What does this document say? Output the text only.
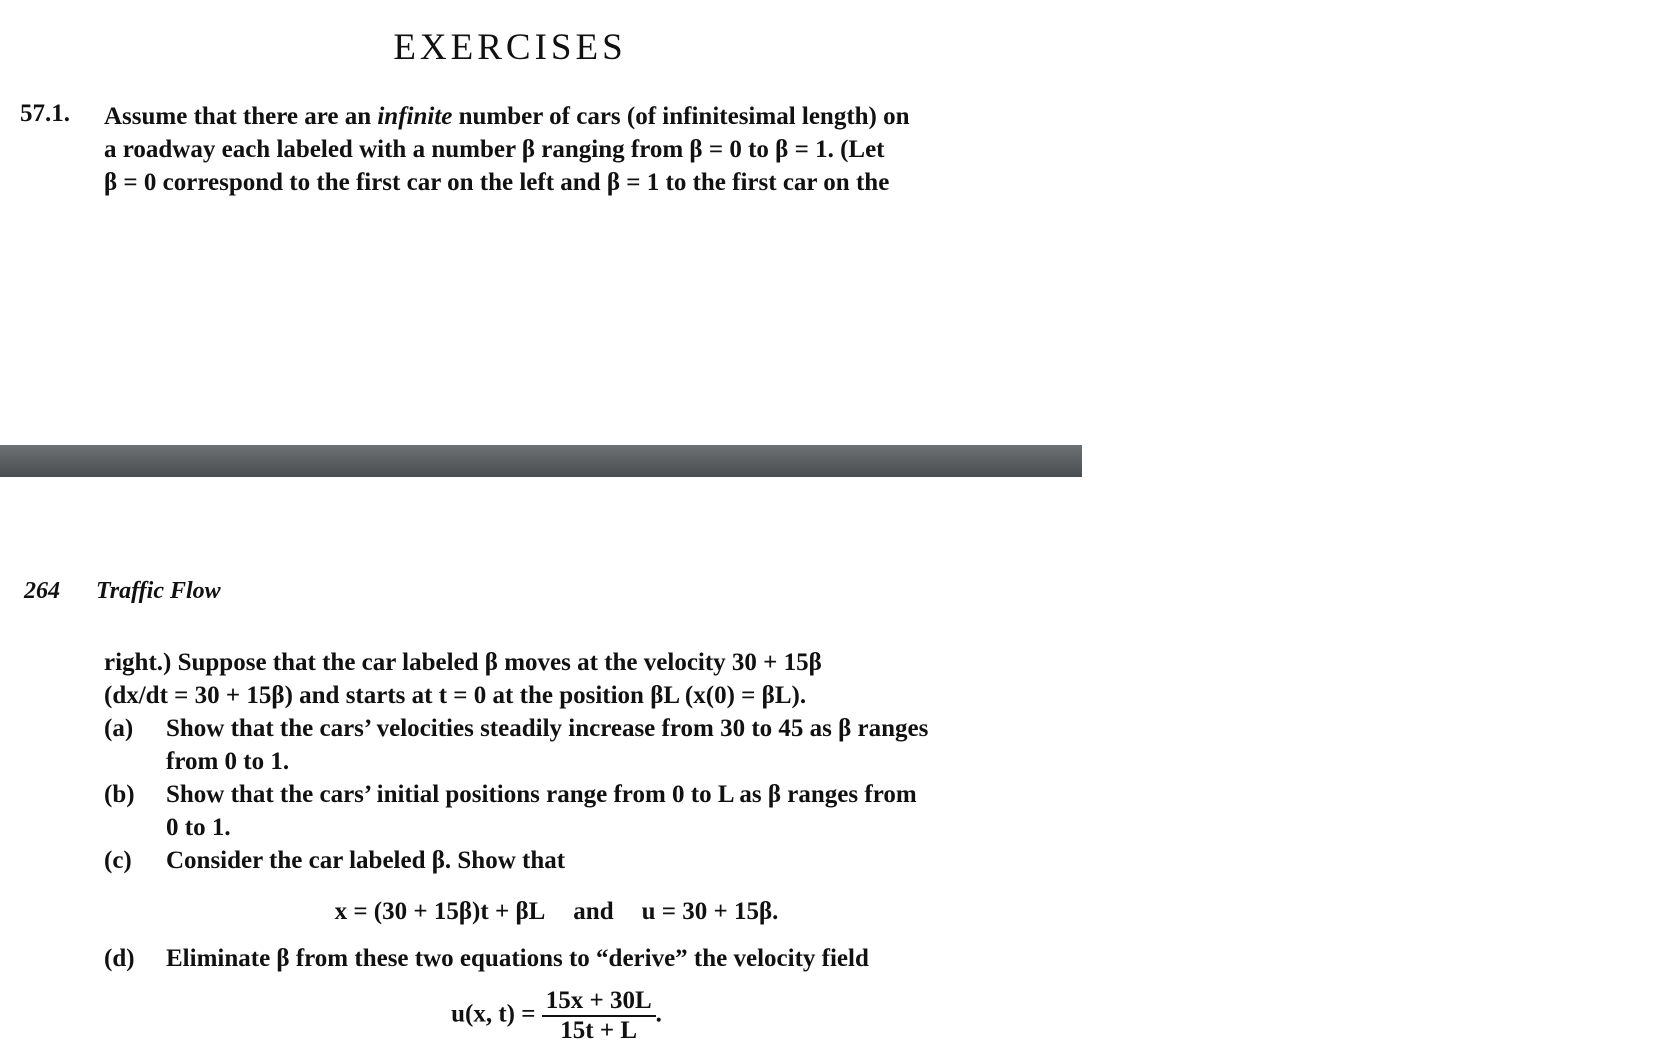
EXERCISES
57.1. Assume that there are an infinite number of cars (of infinitesimal length) on
a roadway each labeled with a number β ranging from β = 0 to β = 1. (Let
β = 0 correspond to the first car on the left and β = 1 to the first car on the
264 Traffic Flow
right.) Suppose that the car labeled β moves at the velocity 30 + 15β
(dx/dt = 30 + 15β) and starts at t = 0 at the position βL (x(0) = βL).
(a) Show that the cars’ velocities steadily increase from 30 to 45 as β ranges
from 0 to 1.
(b) Show that the cars’ initial positions range from 0 to L as β ranges from
0 to 1.
(c) Consider the car labeled β. Show that
x = (30 + 15β)t + βL and u = 30 + 15β.
(d) Eliminate β from these two equations to “derive” the velocity field
u(x, $t) = \frac{15x + 30L}{15t + L}$ .
